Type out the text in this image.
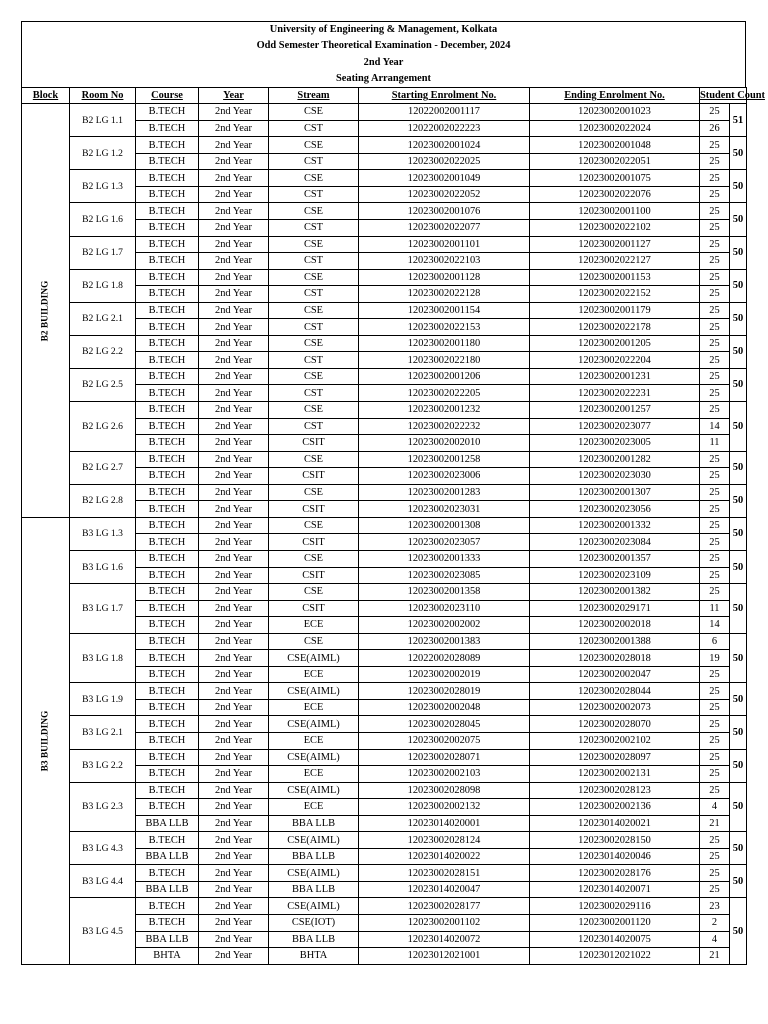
University of Engineering & Management, Kolkata
Odd Semester Theoretical Examination - December, 2024
2nd Year
Seating Arrangement
Block	Room No	Course	Year	Stream	Starting Enrolment No.	Ending Enrolment No.	Student Count	

B2 BUILDING	B2 LG 1.1	B.TECH	2nd Year	CSE	12022002001117	12023002001023	25	51
		B.TECH	2nd Year	CST	12022002022223	12023002022024	26	
	B2 LG 1.2	B.TECH	2nd Year	CSE	12023002001024	12023002001048	25	50
		B.TECH	2nd Year	CST	12023002022025	12023002022051	25	
	B2 LG 1.3	B.TECH	2nd Year	CSE	12023002001049	12023002001075	25	50
		B.TECH	2nd Year	CST	12023002022052	12023002022076	25	
	B2 LG 1.6	B.TECH	2nd Year	CSE	12023002001076	12023002001100	25	50
		B.TECH	2nd Year	CST	12023002022077	12023002022102	25	
	B2 LG 1.7	B.TECH	2nd Year	CSE	12023002001101	12023002001127	25	50
		B.TECH	2nd Year	CST	12023002022103	12023002022127	25	
	B2 LG 1.8	B.TECH	2nd Year	CSE	12023002001128	12023002001153	25	50
		B.TECH	2nd Year	CST	12023002022128	12023002022152	25	
	B2 LG 2.1	B.TECH	2nd Year	CSE	12023002001154	12023002001179	25	50
		B.TECH	2nd Year	CST	12023002022153	12023002022178	25	
	B2 LG 2.2	B.TECH	2nd Year	CSE	12023002001180	12023002001205	25	50
		B.TECH	2nd Year	CST	12023002022180	12023002022204	25	
	B2 LG 2.5	B.TECH	2nd Year	CSE	12023002001206	12023002001231	25	50
		B.TECH	2nd Year	CST	12023002022205	12023002022231	25	
	B2 LG 2.6	B.TECH	2nd Year	CSE	12023002001232	12023002001257	25	50
		B.TECH	2nd Year	CST	12023002022232	12023002023077	14	
		B.TECH	2nd Year	CSIT	12023002002010	12023002023005	11	
	B2 LG 2.7	B.TECH	2nd Year	CSE	12023002001258	12023002001282	25	50
		B.TECH	2nd Year	CSIT	12023002023006	12023002023030	25	
	B2 LG 2.8	B.TECH	2nd Year	CSE	12023002001283	12023002001307	25	50
		B.TECH	2nd Year	CSIT	12023002023031	12023002023056	25	

B3 BUILDING	B3 LG 1.3	B.TECH	2nd Year	CSE	12023002001308	12023002001332	25	50
		B.TECH	2nd Year	CSIT	12023002023057	12023002023084	25	
	B3 LG 1.6	B.TECH	2nd Year	CSE	12023002001333	12023002001357	25	50
		B.TECH	2nd Year	CSIT	12023002023085	12023002023109	25	
	B3 LG 1.7	B.TECH	2nd Year	CSE	12023002001358	12023002001382	25	50
		B.TECH	2nd Year	CSIT	12023002023110	12023002029171	11	
		B.TECH	2nd Year	ECE	12023002002002	12023002002018	14	
	B3 LG 1.8	B.TECH	2nd Year	CSE	12023002001383	12023002001388	6	50
		B.TECH	2nd Year	CSE(AIML)	12022002028089	12023002028018	19	
		B.TECH	2nd Year	ECE	12023002002019	12023002002047	25	
	B3 LG 1.9	B.TECH	2nd Year	CSE(AIML)	12023002028019	12023002028044	25	50
		B.TECH	2nd Year	ECE	12023002002048	12023002002073	25	
	B3 LG 2.1	B.TECH	2nd Year	CSE(AIML)	12023002028045	12023002028070	25	50
		B.TECH	2nd Year	ECE	12023002002075	12023002002102	25	
	B3 LG 2.2	B.TECH	2nd Year	CSE(AIML)	12023002028071	12023002028097	25	50
		B.TECH	2nd Year	ECE	12023002002103	12023002002131	25	
	B3 LG 2.3	B.TECH	2nd Year	CSE(AIML)	12023002028098	12023002028123	25	50
		B.TECH	2nd Year	ECE	12023002002132	12023002002136	4	
		BBA LLB	2nd Year	BBA LLB	12023014020001	12023014020021	21	
	B3 LG 4.3	B.TECH	2nd Year	CSE(AIML)	12023002028124	12023002028150	25	50
		BBA LLB	2nd Year	BBA LLB	12023014020022	12023014020046	25	
	B3 LG 4.4	B.TECH	2nd Year	CSE(AIML)	12023002028151	12023002028176	25	50
		BBA LLB	2nd Year	BBA LLB	12023014020047	12023014020071	25	
	B3 LG 4.5	B.TECH	2nd Year	CSE(AIML)	12023002028177	12023002029116	23	50
		B.TECH	2nd Year	CSE(IOT)	12023002001102	12023002001120	2	
		BBA LLB	2nd Year	BBA LLB	12023014020072	12023014020075	4	
		BHTA	2nd Year	BHTA	12023012021001	12023012021022	21	
